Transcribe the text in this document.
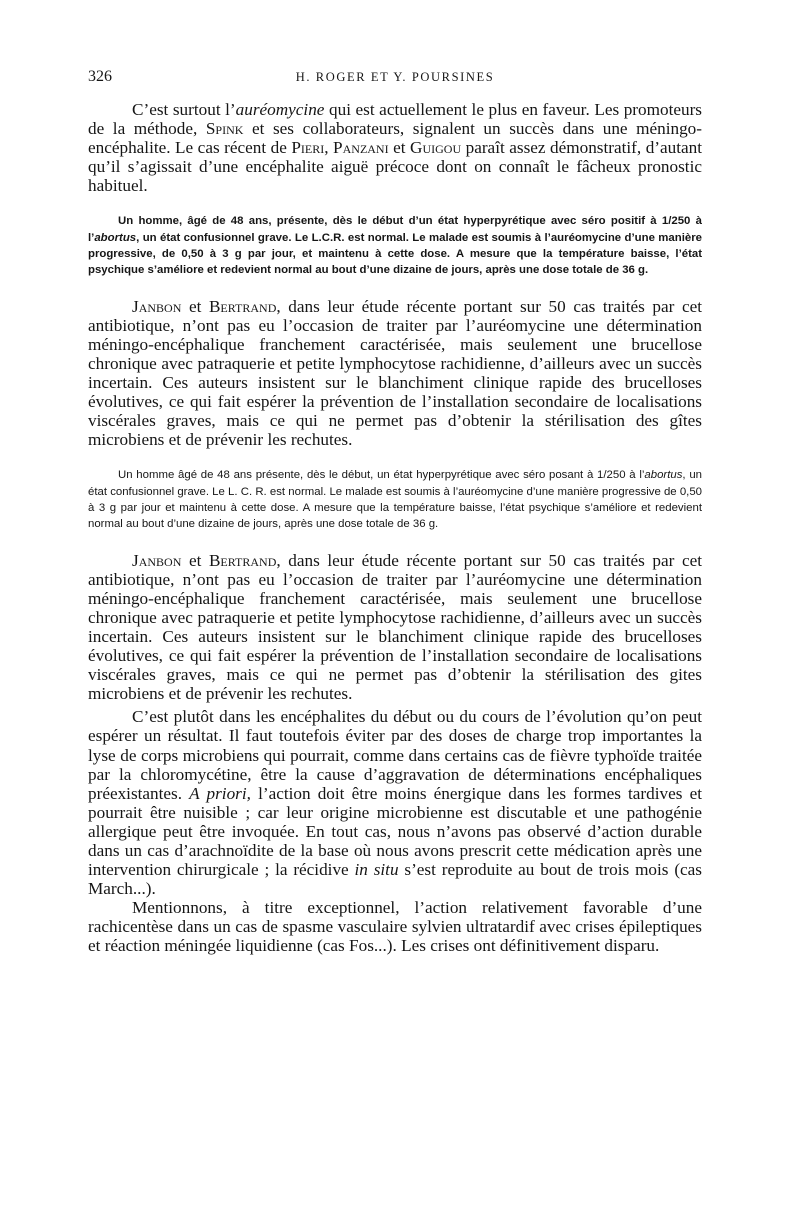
326	H. ROGER ET Y. POURSINES

C’est surtout l’auréomycine qui est actuellement le plus en faveur. Les promoteurs de la méthode, Spink et ses collaborateurs, signalent un succès dans une méningo-encéphalite. Le cas récent de Pieri, Panzani et Guigou paraît assez démonstratif, d’autant qu’il s’agissait d’une encéphalite aiguë précoce dont on connaît le fâcheux pronostic habituel.

Un homme, âgé de 48 ans, présente, dès le début d’un état hyperpyrétique avec séro positif à 1/250 à l’abortus, un état confusionnel grave. Le L.C.R. est normal. Le malade est soumis à l’auréomycine d’une manière progressive, de 0,50 à 3 g par jour, et maintenu à cette dose. A mesure que la température baisse, l’état psychique s’améliore et redevient normal au bout d’une dizaine de jours, après une dose totale de 36 g.

Janbon et Bertrand, dans leur étude récente portant sur 50 cas traités par cet antibiotique, n’ont pas eu l’occasion de traiter par l’auréomycine une détermination méningo-encéphalique franchement caractérisée, mais seulement une brucellose chronique avec patraquerie et petite lymphocytose rachidienne, d’ailleurs avec un succès incertain. Ces auteurs insistent sur le blanchiment clinique rapide des brucelloses évolutives, ce qui fait espérer la prévention de l’installation secondaire de localisations viscérales graves, mais ce qui ne permet pas d’obtenir la stérilisation des gîtes microbiens et de prévenir les rechutes.

Un homme âgé de 48 ans présente, dès le début, un état hyperpyrétique avec séro posant à 1/250 à l’abortus, un état confusionnel grave. Le L. C. R. est normal. Le malade est soumis à l’auréomycine d’une manière progressive de 0,50 à 3 g par jour et maintenu à cette dose. A mesure que la température baisse, l’état psychique s’améliore et redevient normal au bout d’une dizaine de jours, après une dose totale de 36 g.

Janbon et Bertrand, dans leur étude récente portant sur 50 cas traités par cet antibiotique, n’ont pas eu l’occasion de traiter par l’auréomycine une détermination méningo-encéphalique franchement caractérisée, mais seulement une brucellose chronique avec patraquerie et petite lymphocytose rachidienne, d’ailleurs avec un succès incertain. Ces auteurs insistent sur le blanchiment clinique rapide des brucelloses évolutives, ce qui fait espérer la prévention de l’installation secondaire de localisations viscérales graves, mais ce qui ne permet pas d’obtenir la stérilisation des gites microbiens et de prévenir les rechutes.

C’est plutôt dans les encéphalites du début ou du cours de l’évolution qu’on peut espérer un résultat. Il faut toutefois éviter par des doses de charge trop importantes la lyse de corps microbiens qui pourrait, comme dans certains cas de fièvre typhoïde traitée par la chloromycétine, être la cause d’aggravation de déterminations encéphaliques préexistantes. A priori, l’action doit être moins énergique dans les formes tardives et pourrait être nuisible ; car leur origine microbienne est discutable et une pathogénie allergique peut être invoquée. En tout cas, nous n’avons pas observé d’action durable dans un cas d’arachnoïdite de la base où nous avons prescrit cette médication après une intervention chirurgicale ; la récidive in situ s’est reproduite au bout de trois mois (cas March...).

Mentionnons, à titre exceptionnel, l’action relativement favorable d’une rachicentèse dans un cas de spasme vasculaire sylvien ultratardif avec crises épileptiques et réaction méningée liquidienne (cas Fos...). Les crises ont définitivement disparu.
